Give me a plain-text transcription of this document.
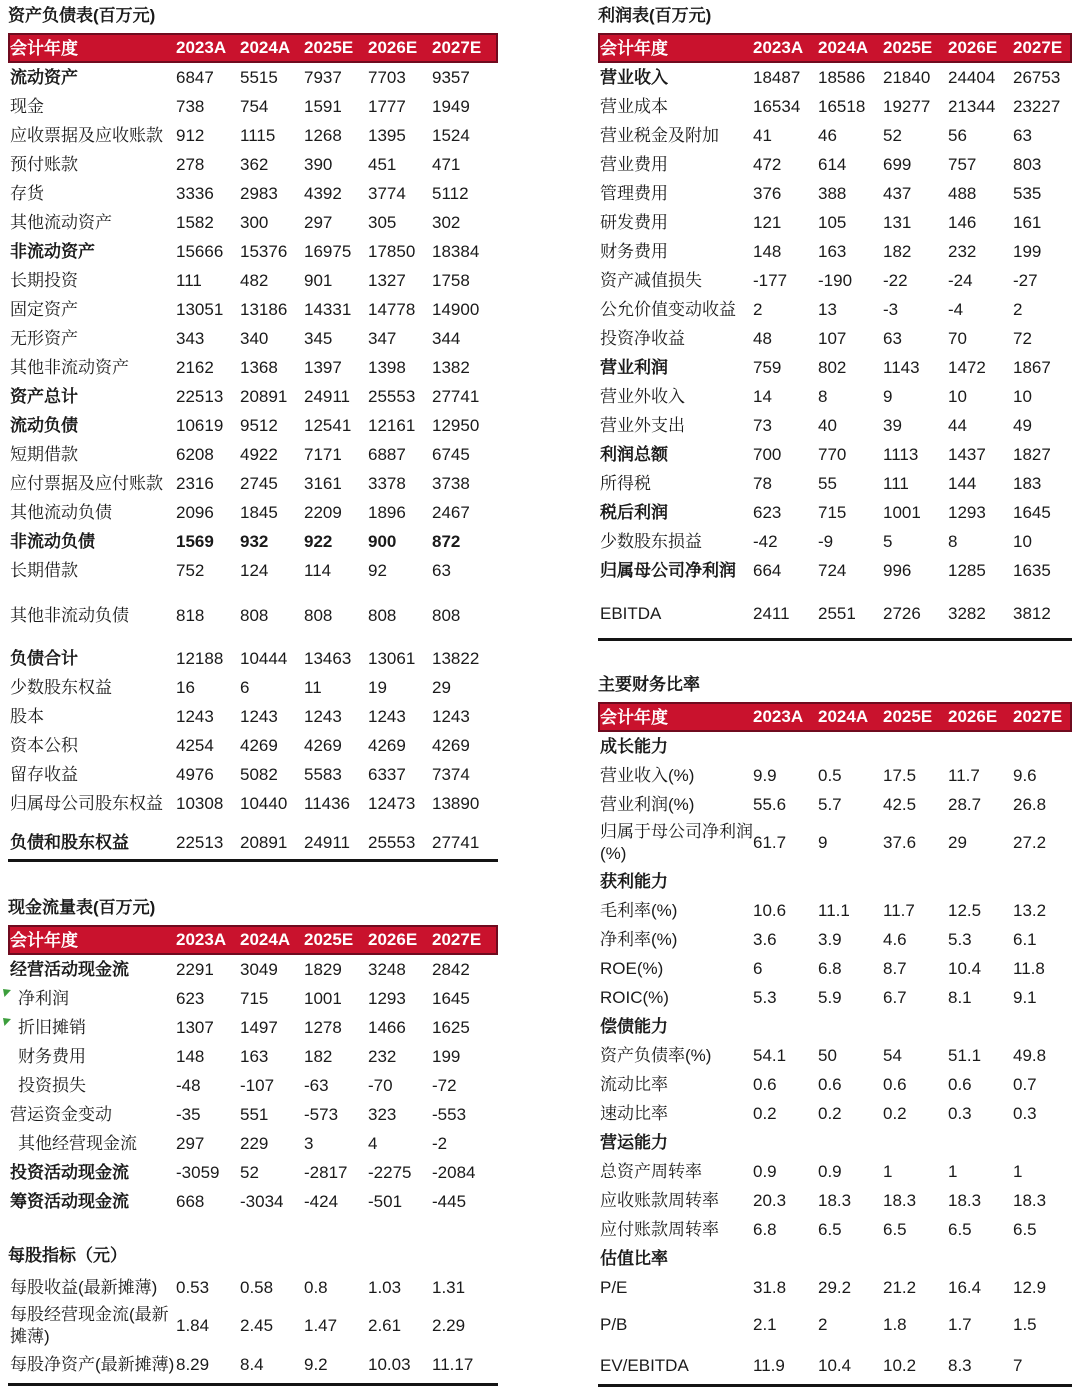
资产负债表(百万元)
会计年度	2023A 2024A 2025E 2026E 2027E
流动资产	6847	5515	7937	7703	9357
现金	738	754	1591	1777	1949
应收票据及应收账款 912	1115	1268	1395	1524
预付账款	278	362	390	451	471
存货	3336	2983	4392	3774	5112
其他流动资产	1582	300	297	305	302
非流动资产	15666 15376 16975 17850 18384
长期投资	111	482	901	1327	1758
固定资产	13051 13186 14331 14778 14900
无形资产	343	340	345	347	344
其他非流动资产	2162	1368	1397	1398	1382
资产总计	22513 20891 24911	25553 27741
流动负债	10619 9512	12541 12161 12950
短期借款	6208	4922	7171	6887	6745
应付票据及应付账款 2316	2745	3161	3378	3738
其他流动负债	2096	1845	2209	1896	2467
非流动负债	1569	932	922	900	872
长期借款	752	124	114	92	63
其他非流动负债	818	808	808	808	808
负债合计	12188 10444 13463 13061 13822
少数股东权益	16	6	11	19	29
股本	1243	1243	1243	1243	1243
资本公积	4254	4269	4269	4269	4269
留存收益	4976	5082	5583	6337	7374
归属母公司股东权益 10308 10440 11436	12473 13890
负债和股东权益	22513 20891 24911	25553 27741
现金流量表(百万元)
会计年度	2023A 2024A 2025E 2026E 2027E
经营活动现金流	2291	3049	1829	3248	2842
净利润	623	715	1001	1293	1645
折旧摊销	1307	1497	1278	1466	1625
财务费用	148	163	182	232	199
投资损失	-48	-107	-63	-70	-72
营运资金变动	-35	551	-573	323	-553
其他经营现金流	297	229	3	4	-2
投资活动现金流	-3059	52	-2817	-2275	-2084
筹资活动现金流	668	-3034	-424	-501	-445
每股指标（元）
每股收益(最新摊薄)	0.53	0.58	0.8	1.03	1.31
每股经营现金流(最新摊薄)
1.84	2.45	1.47	2.61	2.29
每股净资产(最新摊薄) 8.29	8.4	9.2	10.03	11.17
利润表(百万元)
会计年度	2023A 2024A 2025E 2026E 2027E
营业收入	18487	18586	21840	24404	26753
营业成本	16534	16518	19277	21344	23227
营业税金及附加	41	46	52	56	63
营业费用	472	614	699	757	803
管理费用	376	388	437	488	535
研发费用	121	105	131	146	161
财务费用	148	163	182	232	199
资产减值损失	-177	-190	-22	-24	-27
公允价值变动收益	2	13	-3	-4	2
投资净收益	48	107	63	70	72
营业利润	759	802	1143	1472	1867
营业外收入	14	8	9	10	10
营业外支出	73	40	39	44	49
利润总额	700	770	1113	1437	1827
所得税	78	55	111	144	183
税后利润	623	715	1001	1293	1645
少数股东损益	-42	-9	5	8	10
归属母公司净利润	664	724	996	1285	1635
EBITDA	2411	2551	2726	3282	3812
主要财务比率
会计年度	2023A 2024A 2025E 2026E 2027E
成长能力
营业收入(%)	9.9	0.5	17.5	11.7	9.6
营业利润(%)	55.6	5.7	42.5	28.7	26.8
归属于母公司净利润(%)
61.7	9	37.6	29	27.2
获利能力
毛利率(%)	10.6	11.1	11.7	12.5	13.2
净利率(%)	3.6	3.9	4.6	5.3	6.1
ROE(%)	6	6.8	8.7	10.4	11.8
ROIC(%)	5.3	5.9	6.7	8.1	9.1
偿债能力
资产负债率(%)	54.1	50	54	51.1	49.8
流动比率	0.6	0.6	0.6	0.6	0.7
速动比率	0.2	0.2	0.2	0.3	0.3
营运能力
总资产周转率	0.9	0.9	1	1	1
应收账款周转率	20.3	18.3	18.3	18.3	18.3
应付账款周转率	6.8	6.5	6.5	6.5	6.5
估值比率
P/E	31.8	29.2	21.2	16.4	12.9
P/B	2.1	2	1.8	1.7	1.5
EV/EBITDA	11.9	10.4	10.2	8.3	7
